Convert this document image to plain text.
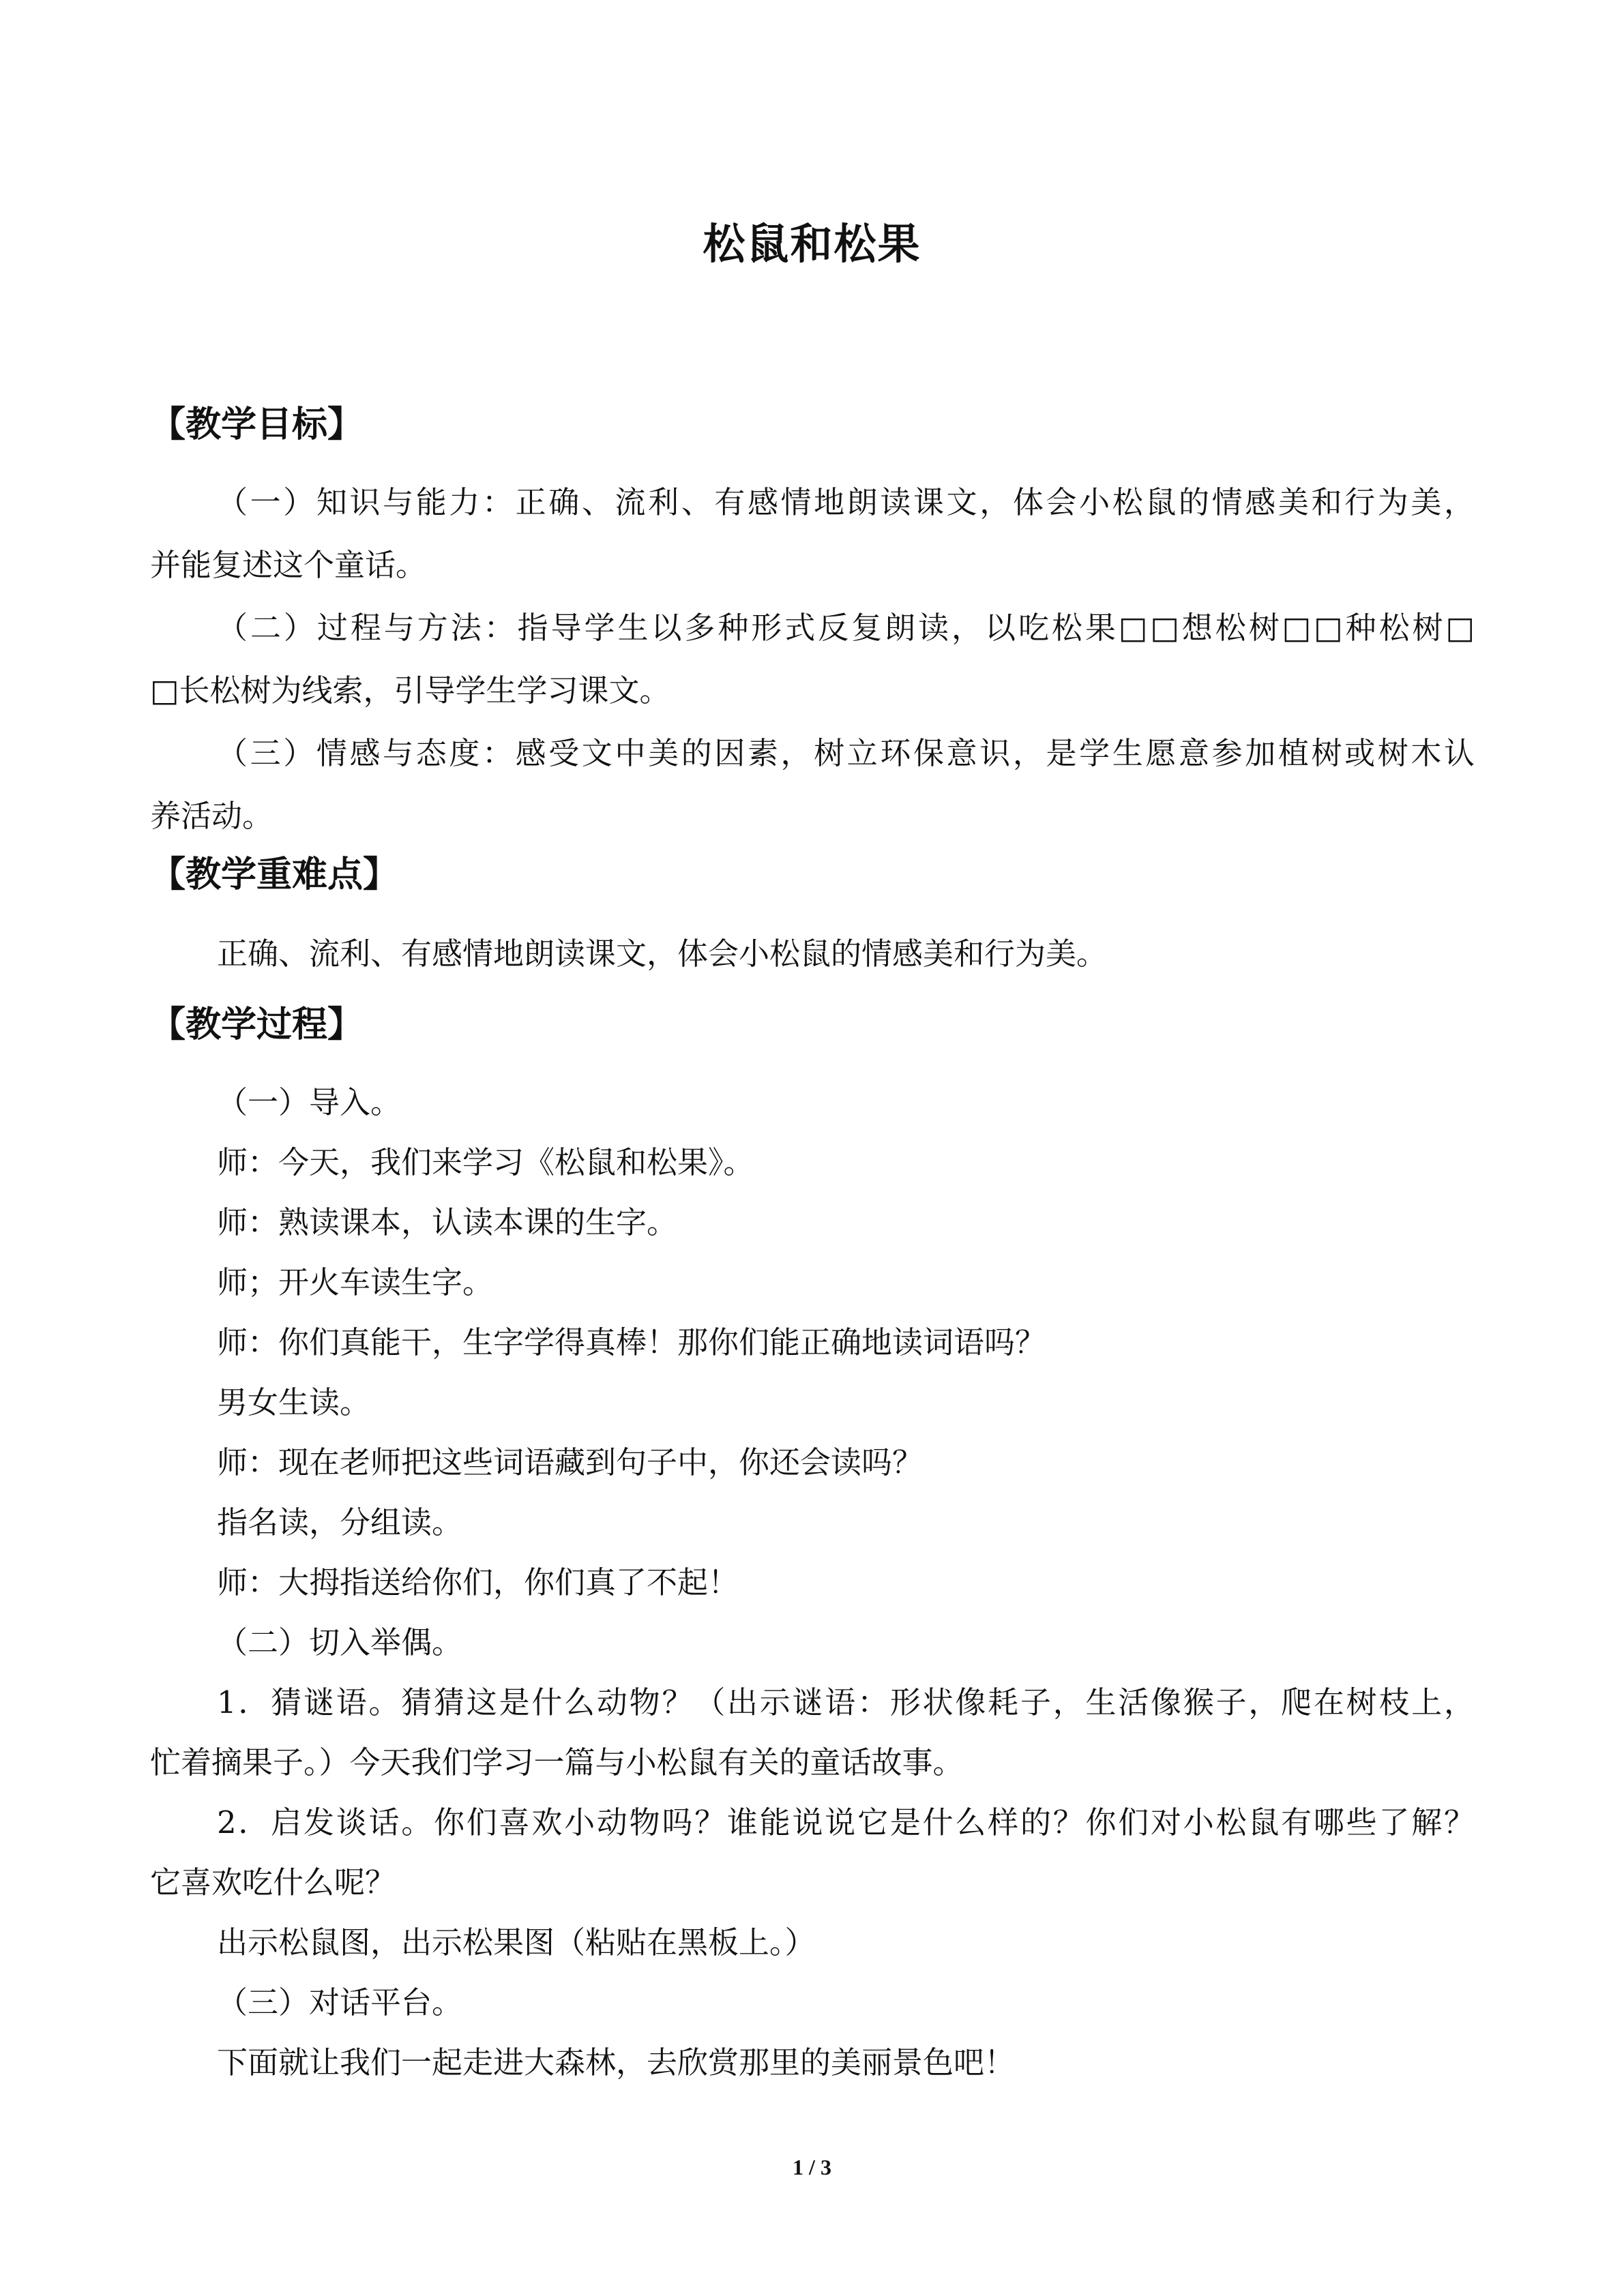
松鼠和松果
【教学目标】
（一）知识与能力：正确、流利、有感情地朗读课文，体会小松鼠的情感美和行为美，
并能复述这个童话。
（二）过程与方法：指导学生以多种形式反复朗读，以吃松果□□想松树□□种松树□
□长松树为线索，引导学生学习课文。
（三）情感与态度：感受文中美的因素，树立环保意识，是学生愿意参加植树或树木认
养活动。
【教学重难点】
正确、流利、有感情地朗读课文，体会小松鼠的情感美和行为美。
【教学过程】
（一）导入。
师：今天，我们来学习《松鼠和松果》。
师：熟读课本，认读本课的生字。
师；开火车读生字。
师：你们真能干，生字学得真棒！那你们能正确地读词语吗？
男女生读。
师：现在老师把这些词语藏到句子中，你还会读吗？
指名读，分组读。
师：大拇指送给你们，你们真了不起！
（二）切入举偶。
1．猜谜语。猜猜这是什么动物？（出示谜语：形状像耗子，生活像猴子，爬在树枝上，
忙着摘果子。）今天我们学习一篇与小松鼠有关的童话故事。
2．启发谈话。你们喜欢小动物吗？谁能说说它是什么样的？你们对小松鼠有哪些了解？
它喜欢吃什么呢？
出示松鼠图，出示松果图（粘贴在黑板上。）
（三）对话平台。
下面就让我们一起走进大森林，去欣赏那里的美丽景色吧！
1 / 3
